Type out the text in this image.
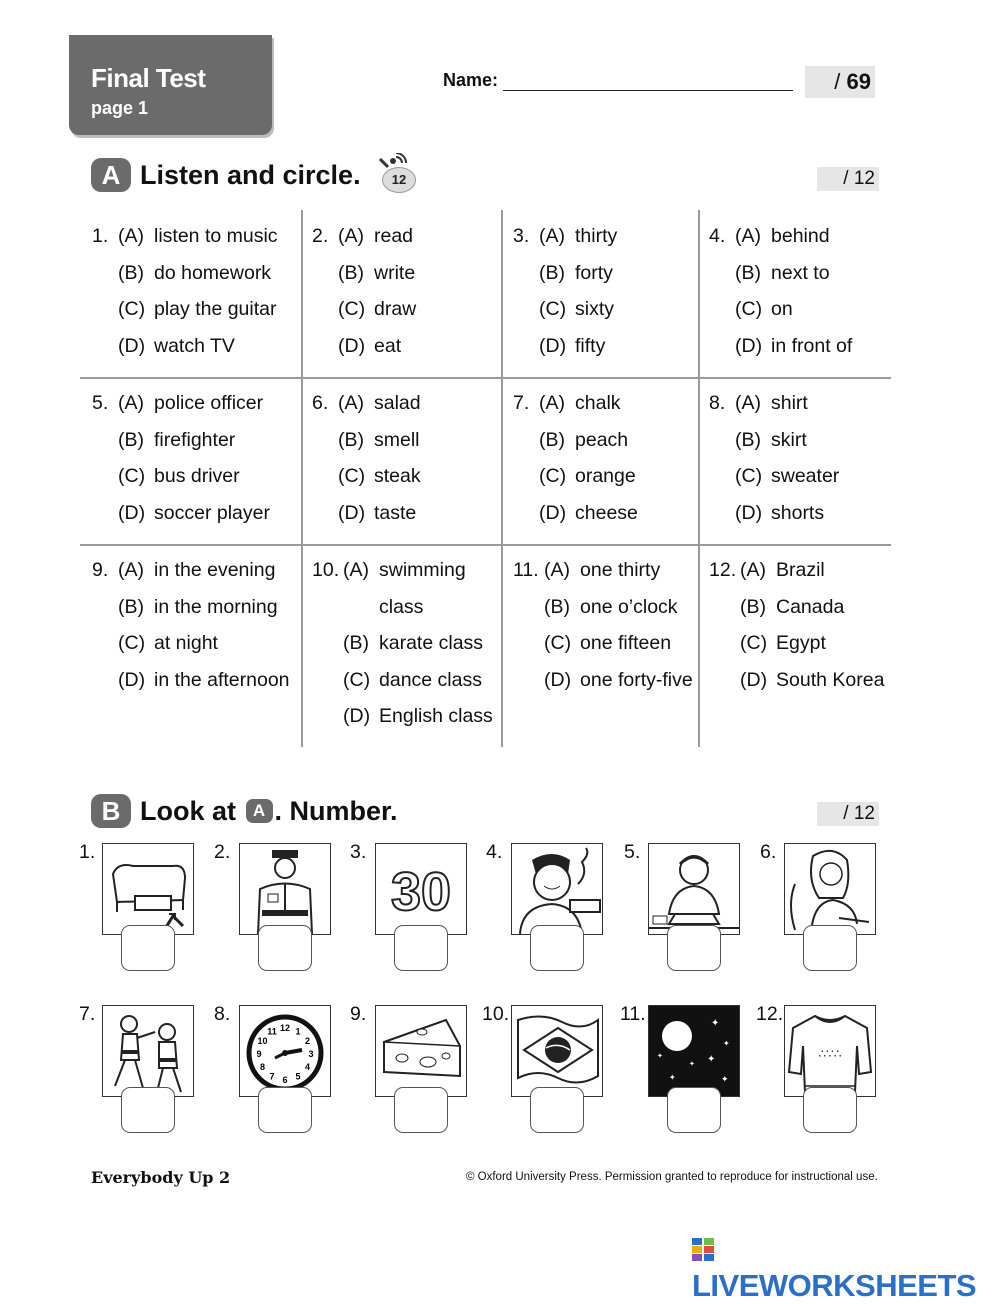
Final Test
page 1
Name:	/ 69
A Listen and circle.	12	/ 12
1. (A) listen to music
(B) do homework
(C) play the guitar
(D) watch TV
2. (A) read
(B) write
(C) draw
(D) eat
3. (A) thirty
(B) forty
(C) sixty
(D) fifty
4. (A) behind
(B) next to
(C) on
(D) in front of
5. (A) police officer
(B) firefighter
(C) bus driver
(D) soccer player
6. (A) salad
(B) smell
(C) steak
(D) taste
7. (A) chalk
(B) peach
(C) orange
(D) cheese
8. (A) shirt
(B) skirt
(C) sweater
(D) shorts
9. (A) in the evening
(B) in the morning
(C) at night
(D) in the afternoon
10. (A) swimming
class
(B) karate class
(C) dance class
(D) English class
11. (A) one thirty
(B) one o’clock
(C) one fifteen
(D) one forty-five
12. (A) Brazil
(B) Canada
(C) Egypt
(D) South Korea
B Look at A . Number.	/ 12
1.	2.	3.
30
4.	5.	6.
7.	8.
12 1
2
3
4
5
6
7
8
9
10
11
9.	10.	11.	✦
✦
✦
✦	✦
✦
✦
12.
∴∵∴
Everybody Up 2	© Oxford University Press. Permission granted to reproduce for instructional use.
LIVEWORKSHEETS
